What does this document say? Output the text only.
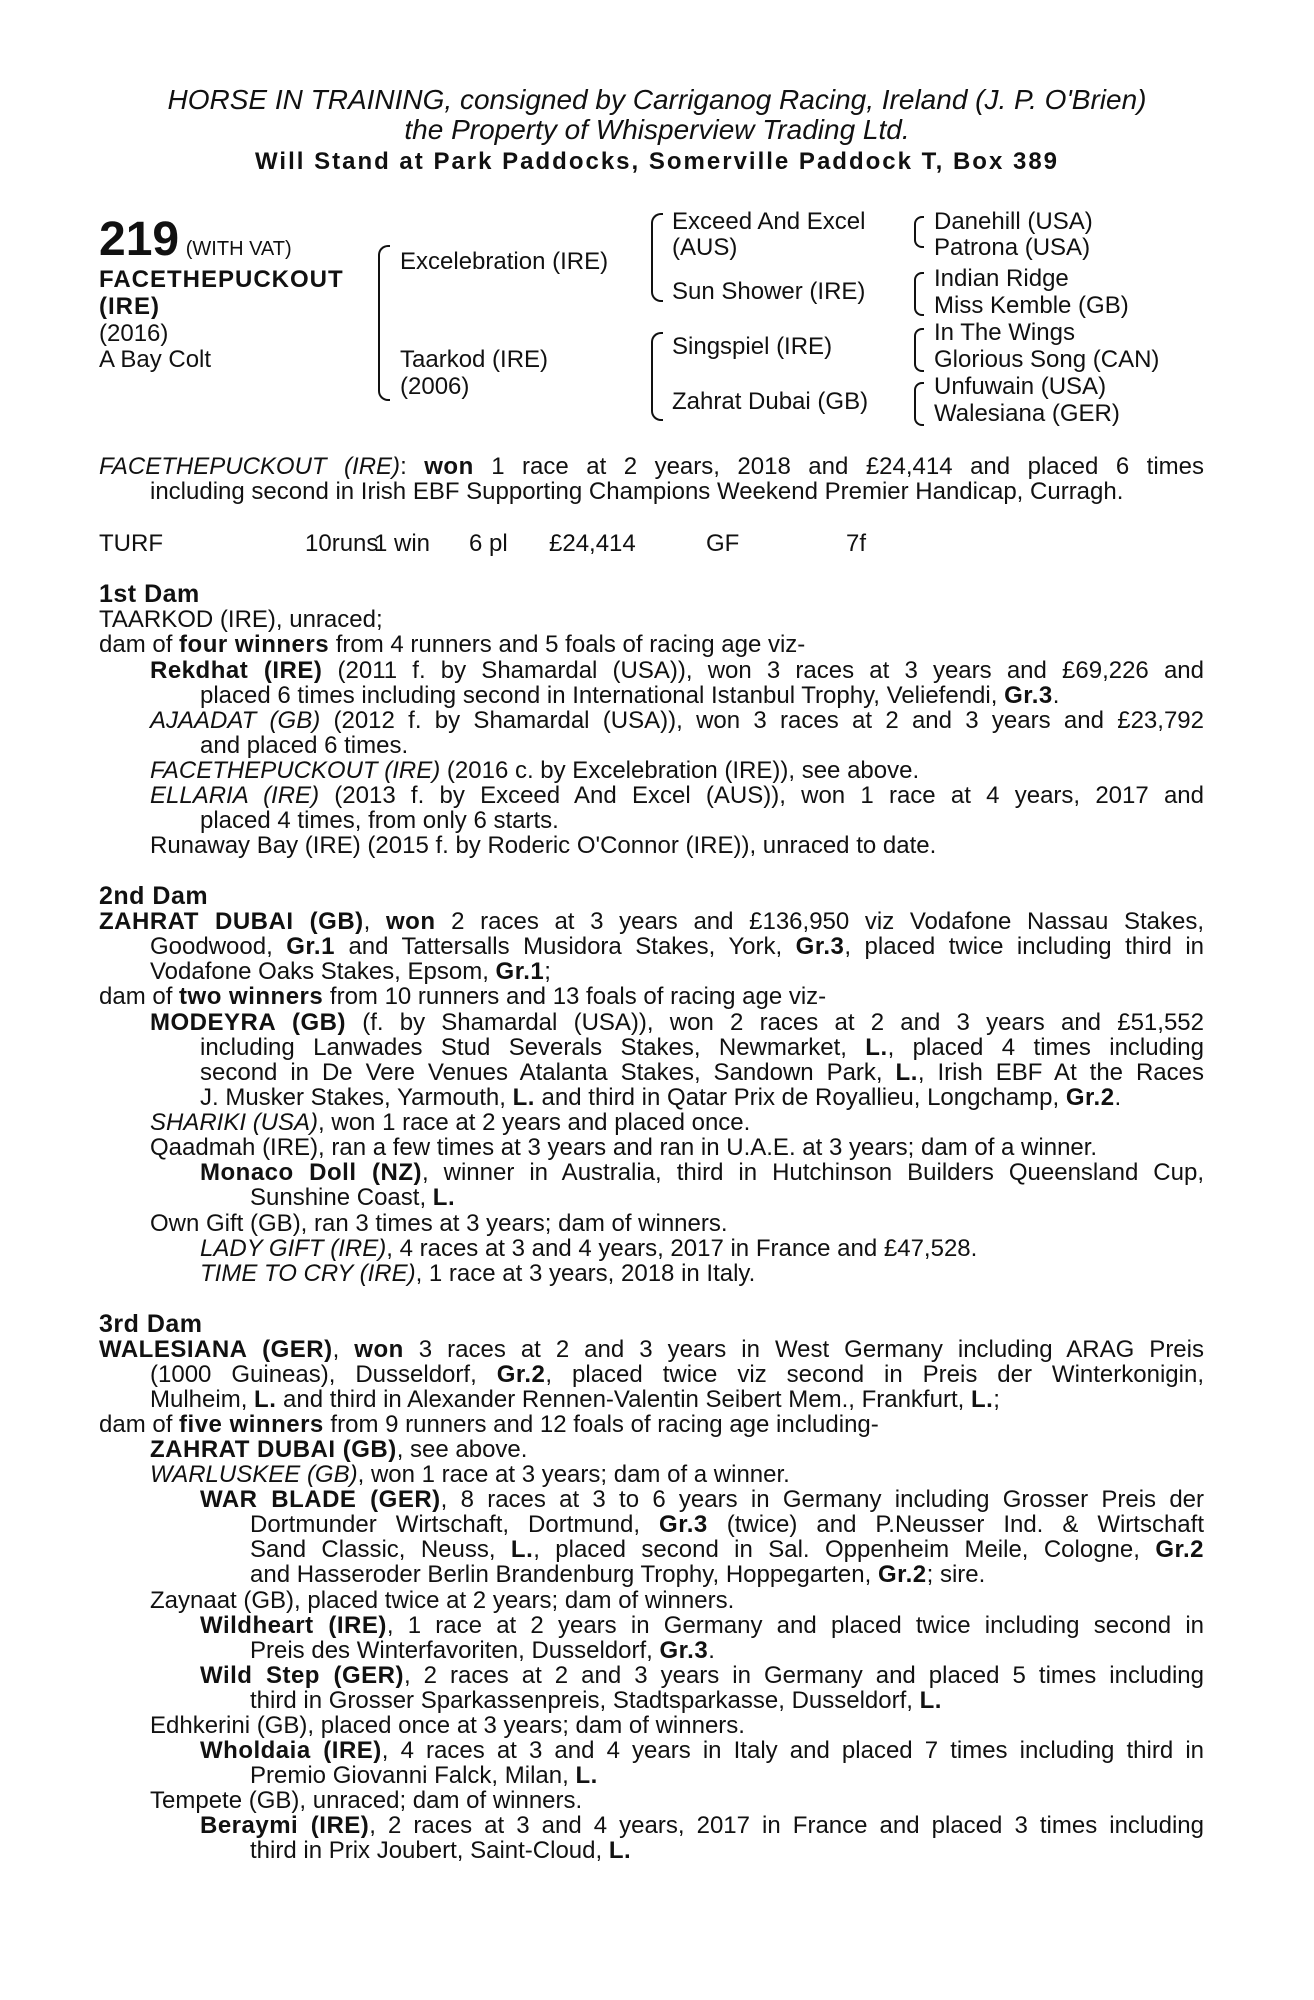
HORSE IN TRAINING, consigned by Carriganog Racing, Ireland (J. P. O'Brien)
the Property of Whisperview Trading Ltd.
Will Stand at Park Paddocks, Somerville Paddock T, Box 389
219 (WITH VAT)
FACETHEPUCKOUT
(IRE)
(2016)
A Bay Colt
Excelebration (IRE)
Taarkod (IRE)
(2006)
Exceed And Excel
(AUS)
Sun Shower (IRE)
Singspiel (IRE)
Zahrat Dubai (GB)
Danehill (USA)
Patrona (USA)
Indian Ridge
Miss Kemble (GB)
In The Wings
Glorious Song (CAN)
Unfuwain (USA)
Walesiana (GER)
FACETHEPUCKOUT (IRE): won 1 race at 2 years, 2018 and £24,414 and placed 6 times
including second in Irish EBF Supporting Champions Weekend Premier Handicap, Curragh.
TURF	10runs
1 win 6 pl £24,414	GF	7f
1st Dam
TAARKOD (IRE), unraced;
dam of four winners from 4 runners and 5 foals of racing age viz-
Rekdhat (IRE) (2011 f. by Shamardal (USA)), won 3 races at 3 years and £69,226 and
placed 6 times including second in International Istanbul Trophy, Veliefendi, Gr.3.
AJAADAT (GB) (2012 f. by Shamardal (USA)), won 3 races at 2 and 3 years and £23,792
and placed 6 times.
FACETHEPUCKOUT (IRE) (2016 c. by Excelebration (IRE)), see above.
ELLARIA (IRE) (2013 f. by Exceed And Excel (AUS)), won 1 race at 4 years, 2017 and
placed 4 times, from only 6 starts.
Runaway Bay (IRE) (2015 f. by Roderic O'Connor (IRE)), unraced to date.
2nd Dam
ZAHRAT DUBAI (GB), won 2 races at 3 years and £136,950 viz Vodafone Nassau Stakes,
Goodwood, Gr.1 and Tattersalls Musidora Stakes, York, Gr.3, placed twice including third in
Vodafone Oaks Stakes, Epsom, Gr.1;
dam of two winners from 10 runners and 13 foals of racing age viz-
MODEYRA (GB) (f. by Shamardal (USA)), won 2 races at 2 and 3 years and £51,552
including Lanwades Stud Severals Stakes, Newmarket, L., placed 4 times including
second in De Vere Venues Atalanta Stakes, Sandown Park, L., Irish EBF At the Races
J. Musker Stakes, Yarmouth, L. and third in Qatar Prix de Royallieu, Longchamp, Gr.2.
SHARIKI (USA), won 1 race at 2 years and placed once.
Qaadmah (IRE), ran a few times at 3 years and ran in U.A.E. at 3 years; dam of a winner.
Monaco Doll (NZ), winner in Australia, third in Hutchinson Builders Queensland Cup,
Sunshine Coast, L.
Own Gift (GB), ran 3 times at 3 years; dam of winners.
LADY GIFT (IRE), 4 races at 3 and 4 years, 2017 in France and £47,528.
TIME TO CRY (IRE), 1 race at 3 years, 2018 in Italy.
3rd Dam
WALESIANA (GER), won 3 races at 2 and 3 years in West Germany including ARAG Preis
(1000 Guineas), Dusseldorf, Gr.2, placed twice viz second in Preis der Winterkonigin,
Mulheim, L. and third in Alexander Rennen-Valentin Seibert Mem., Frankfurt, L.;
dam of five winners from 9 runners and 12 foals of racing age including-
ZAHRAT DUBAI (GB), see above.
WARLUSKEE (GB), won 1 race at 3 years; dam of a winner.
WAR BLADE (GER), 8 races at 3 to 6 years in Germany including Grosser Preis der
Dortmunder Wirtschaft, Dortmund, Gr.3 (twice) and P.Neusser Ind. & Wirtschaft
Sand Classic, Neuss, L., placed second in Sal. Oppenheim Meile, Cologne, Gr.2
and Hasseroder Berlin Brandenburg Trophy, Hoppegarten, Gr.2; sire.
Zaynaat (GB), placed twice at 2 years; dam of winners.
Wildheart (IRE), 1 race at 2 years in Germany and placed twice including second in
Preis des Winterfavoriten, Dusseldorf, Gr.3.
Wild Step (GER), 2 races at 2 and 3 years in Germany and placed 5 times including
third in Grosser Sparkassenpreis, Stadtsparkasse, Dusseldorf, L.
Edhkerini (GB), placed once at 3 years; dam of winners.
Wholdaia (IRE), 4 races at 3 and 4 years in Italy and placed 7 times including third in
Premio Giovanni Falck, Milan, L.
Tempete (GB), unraced; dam of winners.
Beraymi (IRE), 2 races at 3 and 4 years, 2017 in France and placed 3 times including
third in Prix Joubert, Saint-Cloud, L.
